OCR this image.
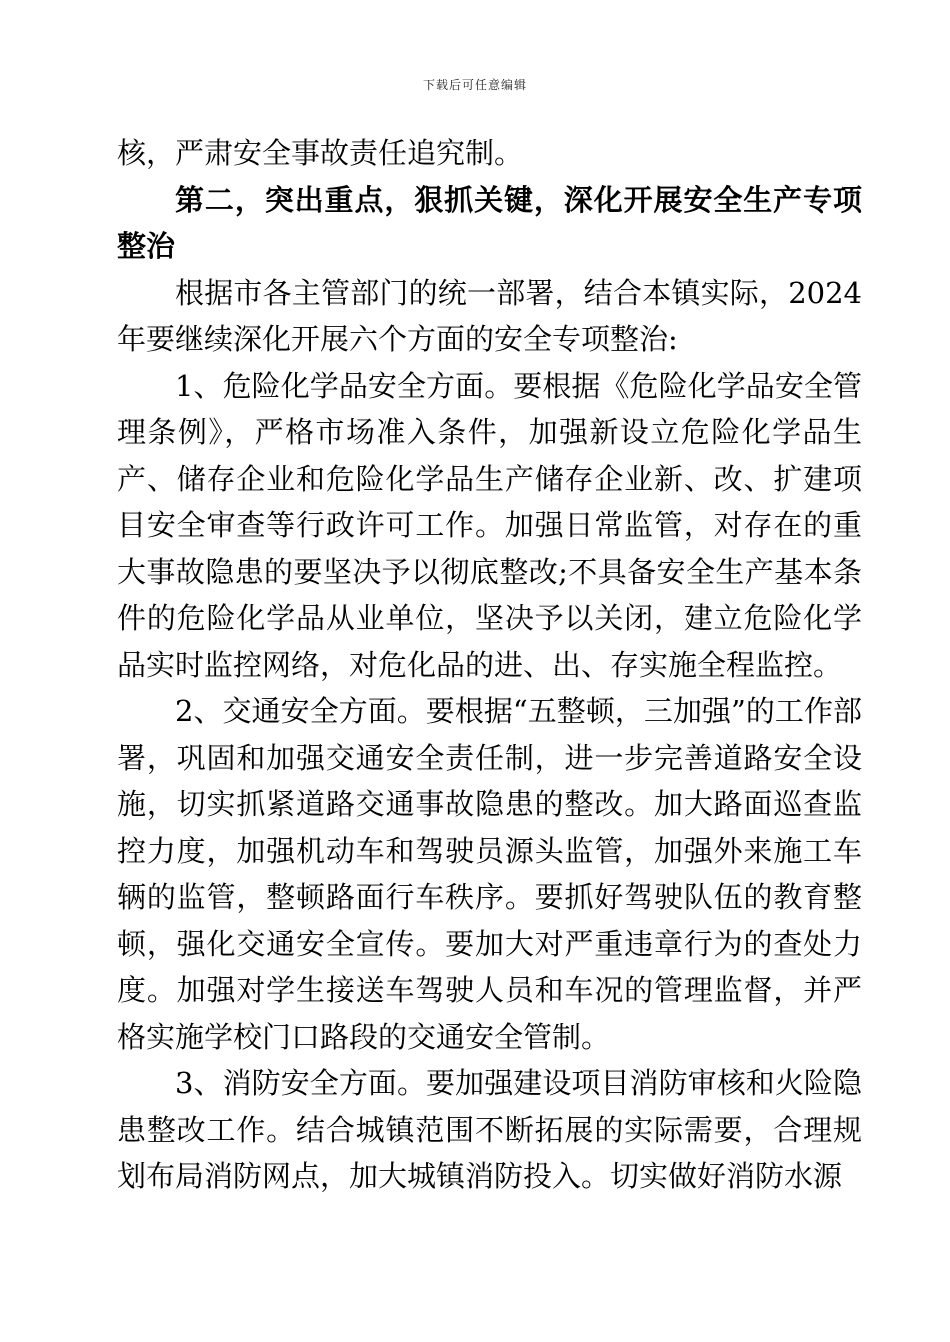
下载后可任意编辑

核，严肃安全事故责任追究制。

第二，突出重点，狠抓关键，深化开展安全生产专项整治

根据市各主管部门的统一部署，结合本镇实际，2024年要继续深化开展六个方面的安全专项整治:

1、危险化学品安全方面。要根据《危险化学品安全管理条例》，严格市场准入条件，加强新设立危险化学品生产、储存企业和危险化学品生产储存企业新、改、扩建项目安全审查等行政许可工作。加强日常监管，对存在的重大事故隐患的要坚决予以彻底整改;不具备安全生产基本条件的危险化学品从业单位，坚决予以关闭，建立危险化学品实时监控网络，对危化品的进、出、存实施全程监控。

2、交通安全方面。要根据“五整顿，三加强”的工作部署，巩固和加强交通安全责任制，进一步完善道路安全设施，切实抓紧道路交通事故隐患的整改。加大路面巡查监控力度，加强机动车和驾驶员源头监管，加强外来施工车辆的监管，整顿路面行车秩序。要抓好驾驶队伍的教育整顿，强化交通安全宣传。要加大对严重违章行为的查处力度。加强对学生接送车驾驶人员和车况的管理监督，并严格实施学校门口路段的交通安全管制。

3、消防安全方面。要加强建设项目消防审核和火险隐患整改工作。结合城镇范围不断拓展的实际需要，合理规划布局消防网点，加大城镇消防投入。切实做好消防水源
